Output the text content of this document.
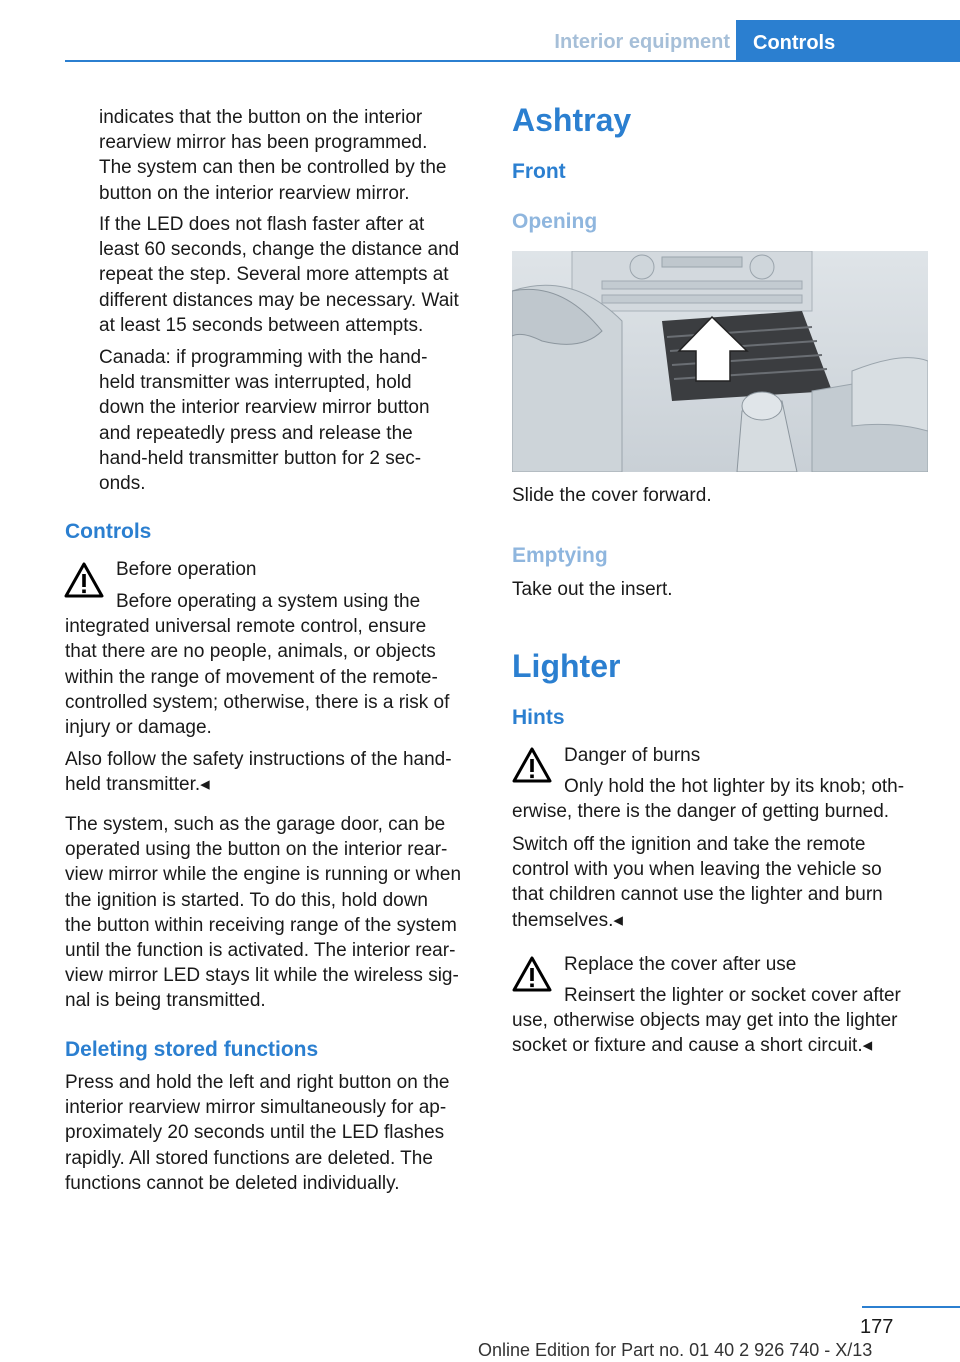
Interior equipment	Controls
indicates that the button on the interior
rearview mirror has been programmed.
The system can then be controlled by the
button on the interior rearview mirror.
If the LED does not flash faster after at
least 60 seconds, change the distance and
repeat the step. Several more attempts at
different distances may be necessary. Wait
at least 15 seconds between attempts.
Canada: if programming with the hand‐
held transmitter was interrupted, hold
down the interior rearview mirror button
and repeatedly press and release the
hand-held transmitter button for 2 sec‐
onds.
Controls
Before operation
Before operating a system using the
integrated universal remote control, ensure
that there are no people, animals, or objects
within the range of movement of the remote-
controlled system; otherwise, there is a risk of
injury or damage.
Also follow the safety instructions of the hand‐
held transmitter.◂
The system, such as the garage door, can be
operated using the button on the interior rear‐
view mirror while the engine is running or when
the ignition is started. To do this, hold down
the button within receiving range of the system
until the function is activated. The interior rear‐
view mirror LED stays lit while the wireless sig‐
nal is being transmitted.
Deleting stored functions
Press and hold the left and right button on the
interior rearview mirror simultaneously for ap‐
proximately 20 seconds until the LED flashes
rapidly. All stored functions are deleted. The
functions cannot be deleted individually.
Ashtray
Front
Opening
Slide the cover forward.
Emptying
Take out the insert.
Lighter
Hints
Danger of burns
Only hold the hot lighter by its knob; oth‐
erwise, there is the danger of getting burned.
Switch off the ignition and take the remote
control with you when leaving the vehicle so
that children cannot use the lighter and burn
themselves.◂
Replace the cover after use
Reinsert the lighter or socket cover after
use, otherwise objects may get into the lighter
socket or fixture and cause a short circuit.◂
177
Online Edition for Part no. 01 40 2 926 740 - X/13
